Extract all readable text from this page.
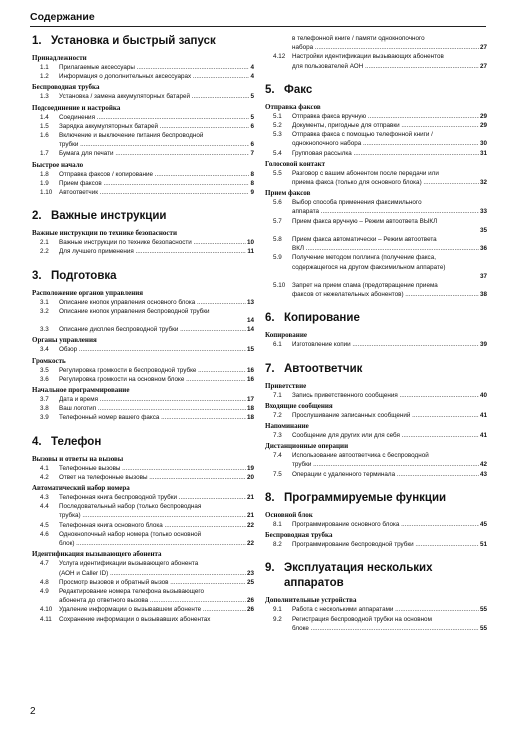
Содержание
1. Установка и быстрый запуск
Принадлежности
1.1	Прилагаемые аксессуары .....	4
1.2	Информация о дополнительных аксессуарах .....	4
Беспроводная трубка
1.3	Установка / замена аккумуляторных батарей .....	5
Подсоединение и настройка
1.4	Соединения .....	5
1.5	Зарядка аккумуляторных батарей .....	6
1.6	Включение и выключение питания беспроводной
трубки .....	6
1.7	Бумага для печати .....	7
Быстрое начало
1.8	Отправка факсов / копирование .....	8
1.9	Прием факсов .....	8
1.10	Автоответчик .....	9
2. Важные инструкции
Важные инструкции по технике безопасности
2.1	Важные инструкции по технике безопасности .....	10
2.2	Для лучшего применения .....	11
3. Подготовка
Расположение органов управления
3.1	Описание кнопок управления основного блока .....	13
3.2	Описание кнопок управления беспроводной трубки
14
3.3	Описание дисплея беспроводной трубки .....	14
Органы управления
3.4	Обзор .....	15
Громкость
3.5	Регулировка громкости в беспроводной трубке .....	16
3.6	Регулировка громкости на основном блоке .....	16
Начальное программирование
3.7	Дата и время .....	17
3.8	Ваш логотип .....	18
3.9	Телефонный номер вашего факса .....	18
4. Телефон
Вызовы и ответы на вызовы
4.1	Телефонные вызовы .....	19
4.2	Ответ на телефонные вызовы .....	20
Автоматический набор номера
4.3	Телефонная книга беспроводной трубки .....	21
4.4	Последовательный набор (только беспроводная
трубка) .....	21
4.5	Телефонная книга основного блока .....	22
4.6	Однокнопочный набор номера (только основной
блок) .....	22
Идентификация вызывающего абонента
4.7	Услуга идентификации вызывающего абонента
(АОН и Caller ID) .....	23
4.8	Просмотр вызовов и обратный вызов .....	25
4.9	Редактирование номера телефона вызывающего
абонента до ответного вызова .....	26
4.10	Удаление информации о вызывавшем абоненте .....	26
4.11	Сохранение информации о вызывавших абонентах
в телефонной книге / памяти однокнопочного
набора .....	27
4.12	Настройки идентификации вызывающих абонентов
для пользователей АОН .....	27
5. Факс
Отправка факсов
5.1	Отправка факса вручную .....	29
5.2	Документы, пригодные для отправки .....	29
5.3	Отправка факса с помощью телефонной книги /
однокнопочного набора .....	30
5.4	Групповая рассылка .....	31
Голосовой контакт
5.5	Разговор с вашим абонентом после передачи или
приема факса (только для основного блока) .....	32
Прием факсов
5.6	Выбор способа применения факсимильного
аппарата .....	33
5.7	Прием факса вручную – Режим автоответа ВЫКЛ
35
5.8	Прием факса автоматически – Режим автоответа
ВКЛ .....	36
5.9	Получение методом поллинга (получение факса,
содержащегося на другом факсимильном аппарате)
37
5.10	Запрет на прием спама (предотвращение приема
факсов от нежелательных абонентов) .....	38
6. Копирование
Копирование
6.1	Изготовление копии .....	39
7. Автоответчик
Приветствие
7.1	Запись приветственного сообщения .....	40
Входящие сообщения
7.2	Прослушивание записанных сообщений .....	41
Напоминание
7.3	Сообщение для других или для себя .....	41
Дистанционные операции
7.4	Использование автоответчика с беспроводной
трубки .....	42
7.5	Операции с удаленного терминала .....	43
8. Программируемые функции
Основной блок
8.1	Программирование основного блока .....	45
Беспроводная трубка
8.2	Программирование беспроводной трубки .....	51
9. Эксплуатация нескольких
аппаратов
Дополнительные устройства
9.1	Работа с несколькими аппаратами .....	55
9.2	Регистрация беспроводной трубки на основном
блоке .....	55
2
